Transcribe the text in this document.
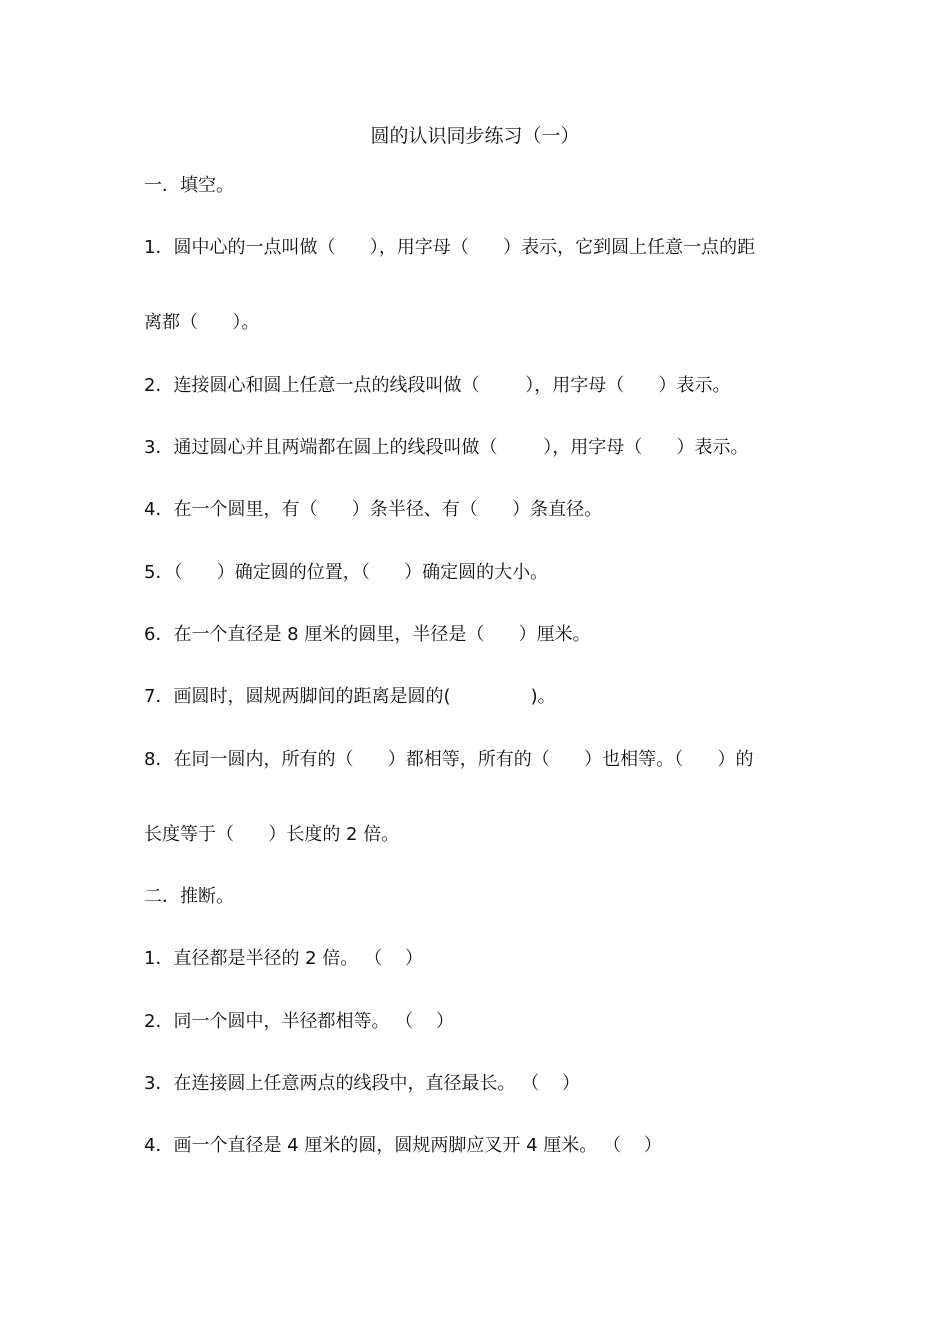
圆的认识同步练习（一）
一．填空。
1．圆中心的一点叫做（      ），用字母（      ）表示，它到圆上任意一点的距
离都（      ）。
2．连接圆心和圆上任意一点的线段叫做（        ），用字母（      ）表示。
3．通过圆心并且两端都在圆上的线段叫做（        ），用字母（      ）表示。
4．在一个圆里，有（      ）条半径、有（      ）条直径。
5．（      ）确定圆的位置，（      ）确定圆的大小。
6．在一个直径是 8 厘米的圆里，半径是（      ）厘米。
7．画圆时，圆规两脚间的距离是圆的(              )。
8．在同一圆内，所有的（      ）都相等，所有的（      ）也相等。（      ）的
长度等于（      ）长度的 2 倍。
二．推断。
1．直径都是半径的 2 倍。 （    ）
2．同一个圆中，半径都相等。 （    ）
3．在连接圆上任意两点的线段中，直径最长。 （    ）
4．画一个直径是 4 厘米的圆，圆规两脚应叉开 4 厘米。 （    ）
